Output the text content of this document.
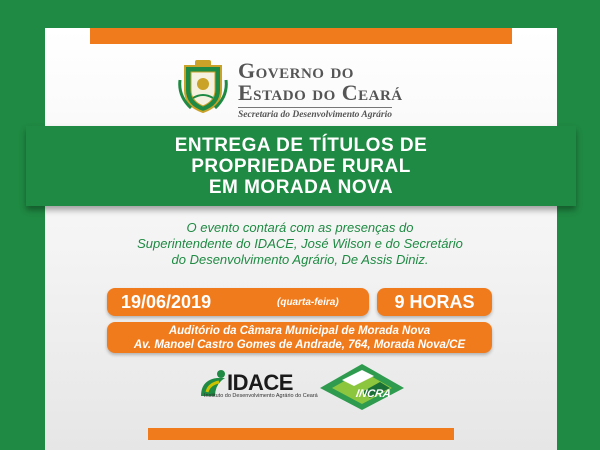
Governo do
Estado do Ceará
Secretaria do Desenvolvimento Agrário
ENTREGA DE TÍTULOS DE
PROPRIEDADE RURAL
EM MORADA NOVA
O evento contará com as presenças do
Superintendente do IDACE, José Wilson e do Secretário
do Desenvolvimento Agrário, De Assis Diniz.
19/06/2019	(quarta-feira)	9 HORAS
Auditório da Câmara Municipal de Morada Nova
Av. Manoel Castro Gomes de Andrade, 764, Morada Nova/CE
IDACE
Instituto do Desenvolvimento Agrário do Ceará	INCRA
